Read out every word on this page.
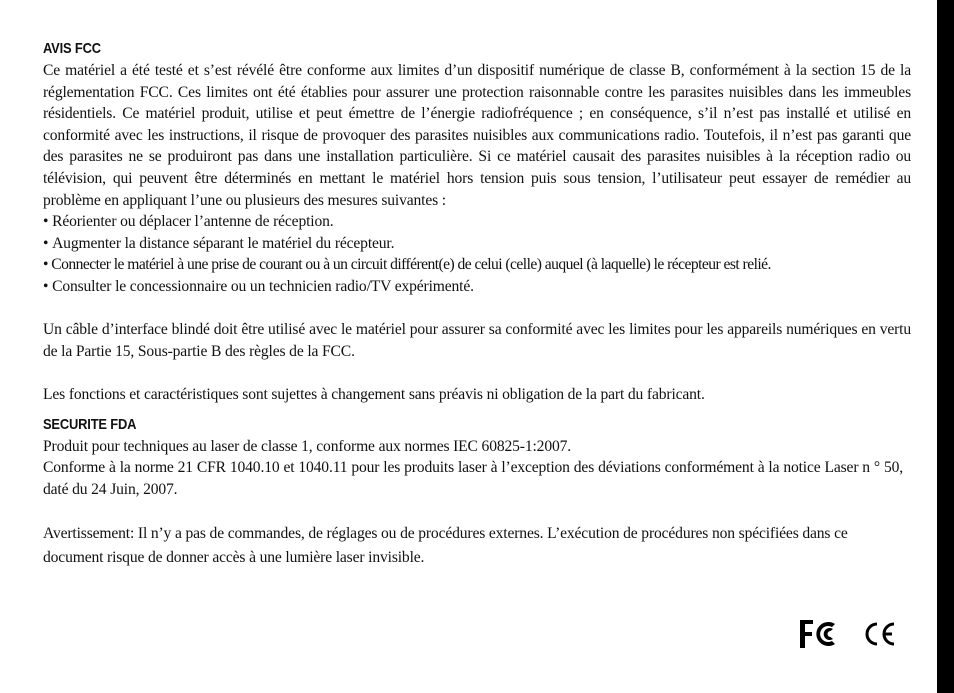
AVIS FCC

Ce matériel a été testé et s’est révélé être conforme aux limites d’un dispositif numérique de classe B, conformément à la section 15 de la réglementation FCC. Ces limites ont été établies pour assurer une protection raisonnable contre les parasites nuisibles dans les immeubles résidentiels. Ce matériel produit, utilise et peut émettre de l’énergie radiofréquence ; en conséquence, s’il n’est pas installé et utilisé en conformité avec les instructions, il risque de provoquer des parasites nuisibles aux communications radio. Toutefois, il n’est pas garanti que des parasites ne se produiront pas dans une installation particulière. Si ce matériel causait des parasites nuisibles à la réception radio ou télévision, qui peuvent être déterminés en mettant le matériel hors tension puis sous tension, l’utilisateur peut essayer de remédier au problème en appliquant l’une ou plusieurs des mesures suivantes :

• Réorienter ou déplacer l’antenne de réception.
• Augmenter la distance séparant le matériel du récepteur.
• Connecter le matériel à une prise de courant ou à un circuit différent(e) de celui (celle) auquel (à laquelle) le récepteur est relié.
• Consulter le concessionnaire ou un technicien radio/TV expérimenté.

Un câble d’interface blindé doit être utilisé avec le matériel pour assurer sa conformité avec les limites pour les appareils numériques en vertu de la Partie 15, Sous-partie B des règles de la FCC.

Les fonctions et caractéristiques sont sujettes à changement sans préavis ni obligation de la part du fabricant.

SECURITE FDA

Produit pour techniques au laser de classe 1, conforme aux normes IEC 60825-1:2007.

Conforme à la norme 21 CFR 1040.10 et 1040.11 pour les produits laser à l’exception des déviations conformément à la notice Laser n ° 50, daté du 24 Juin, 2007.

Avertissement: Il n’y a pas de commandes, de réglages ou de procédures externes. L’exécution de procédures non spécifiées dans ce document risque de donner accès à une lumière laser invisible.
